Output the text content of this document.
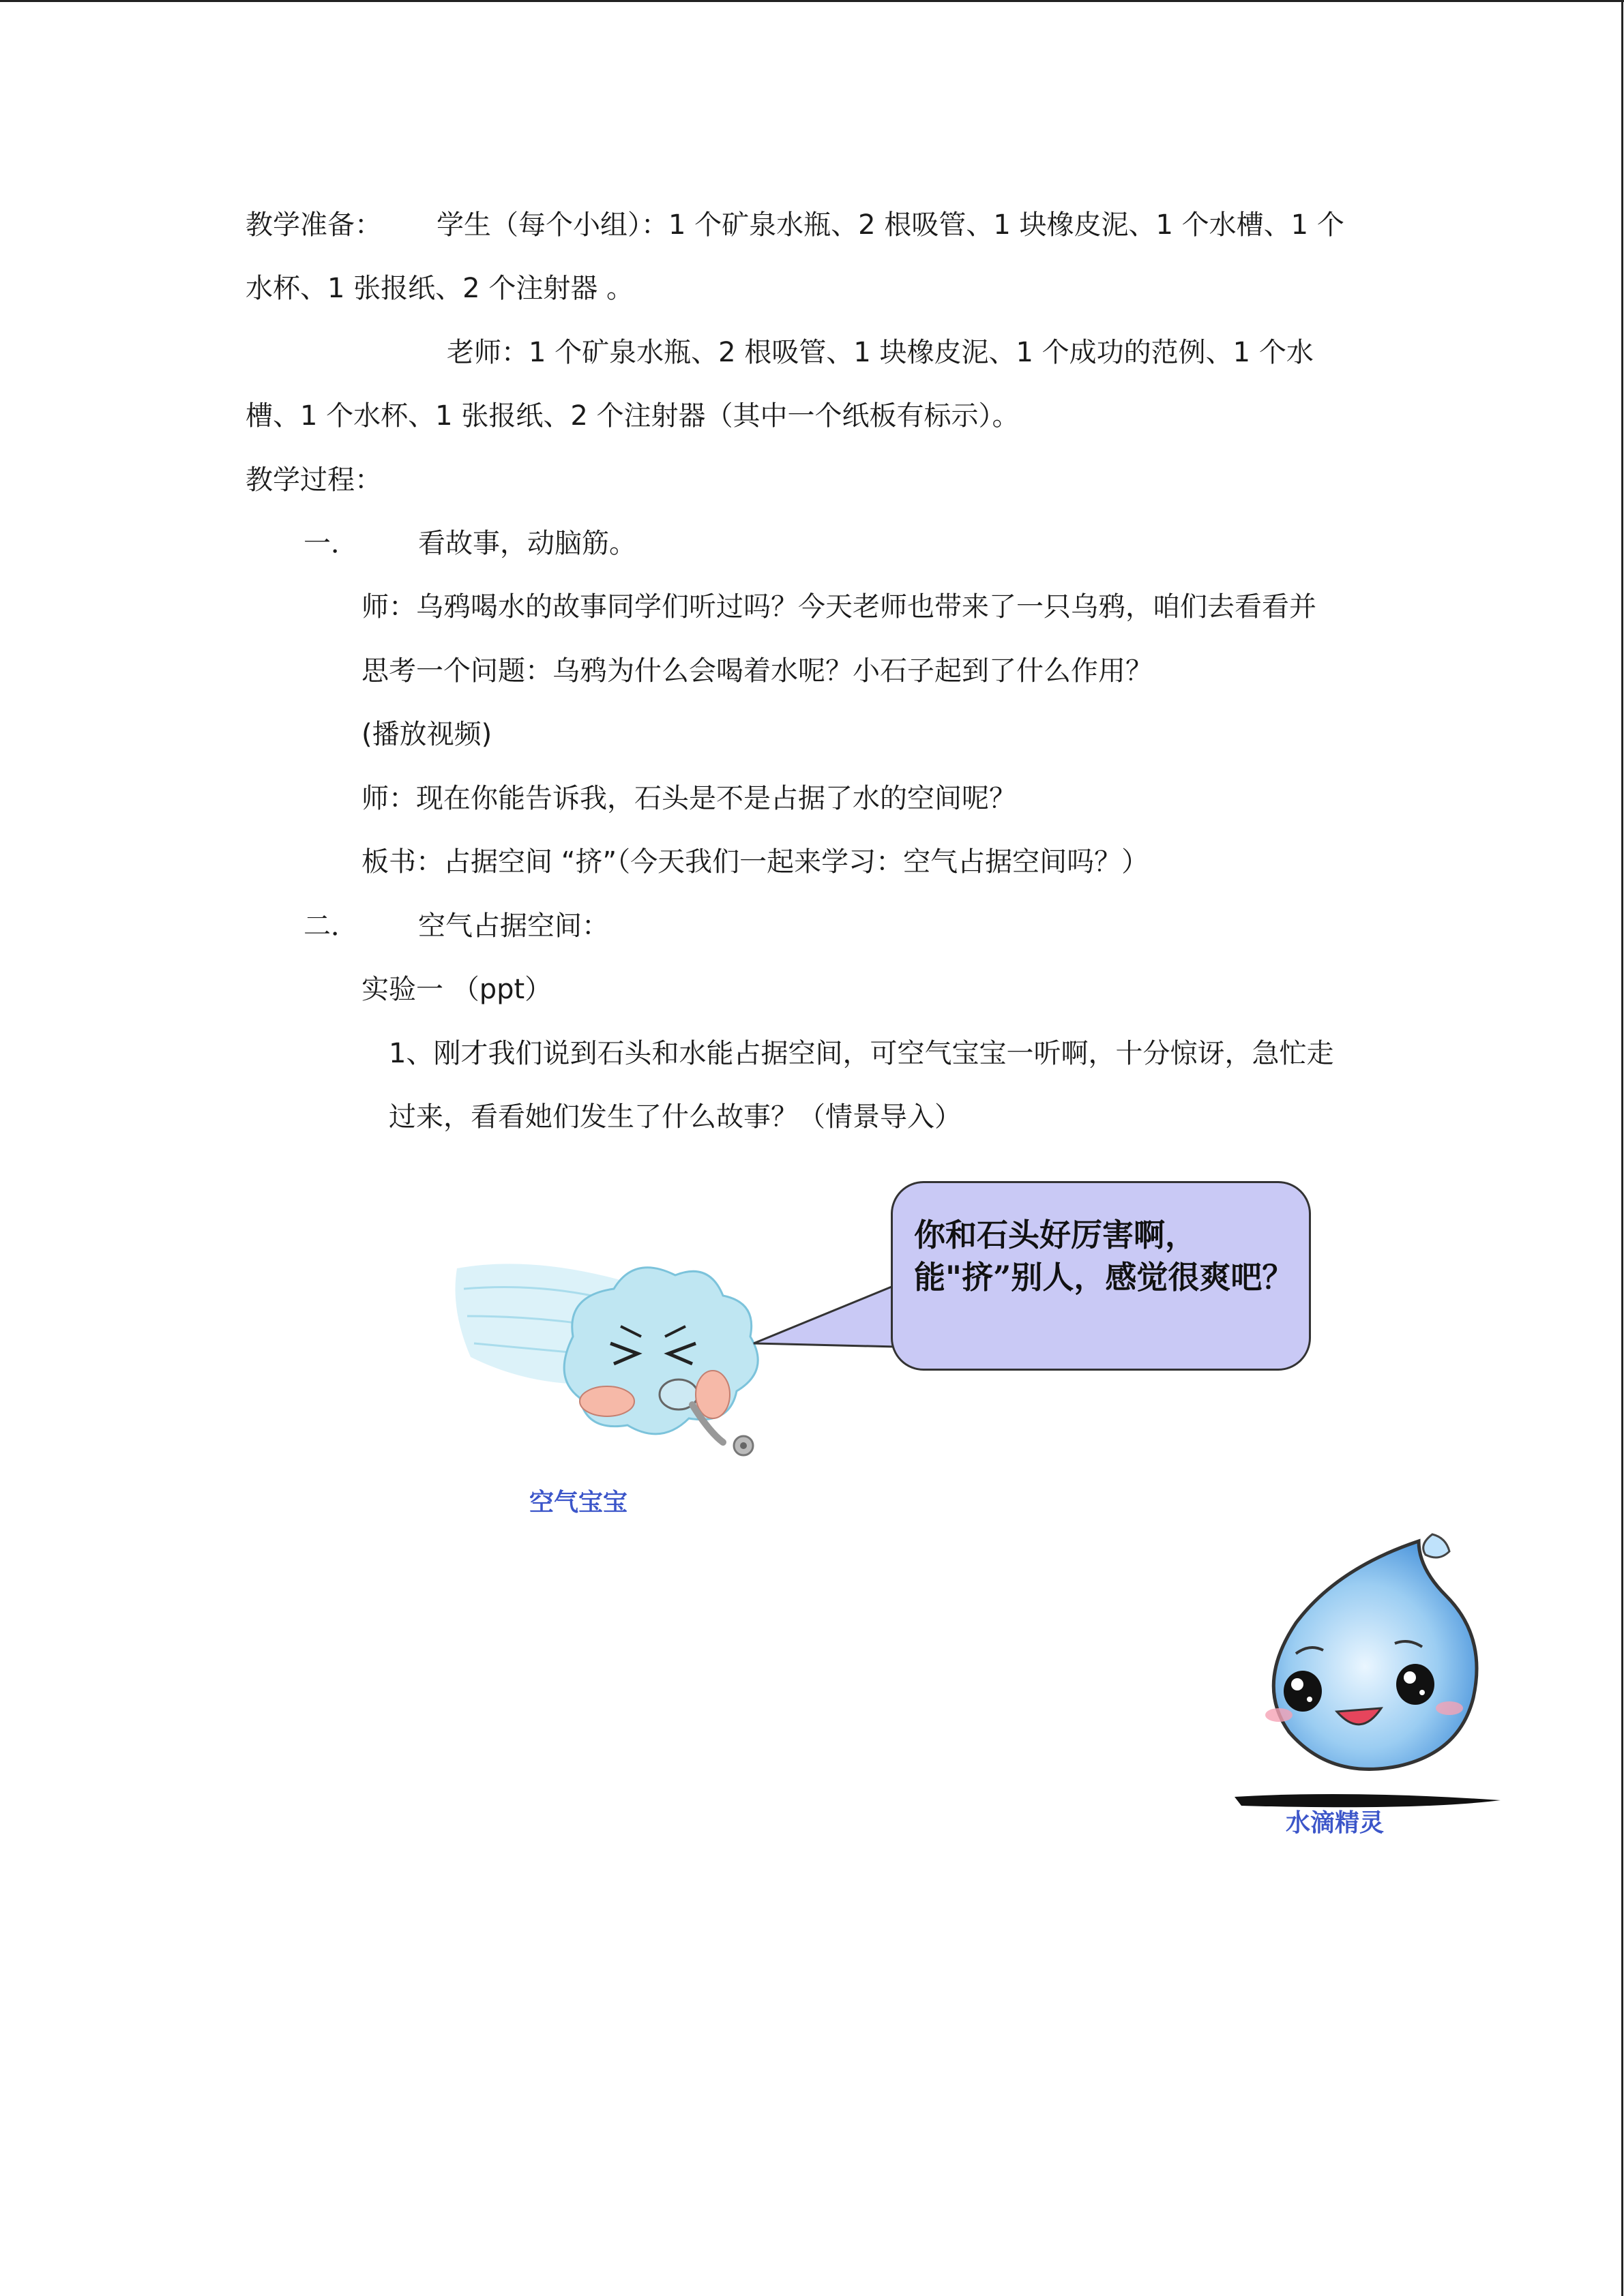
教学准备： 学生（每个小组）：1 个矿泉水瓶、2 根吸管、1 块橡皮泥、1 个水槽、1 个
水杯、1 张报纸、2 个注射器 。
老师：1 个矿泉水瓶、2 根吸管、1 块橡皮泥、1 个成功的范例、1 个水
槽、1 个水杯、1 张报纸、2 个注射器（其中一个纸板有标示）。
教学过程：
一． 看故事，动脑筋。
师：乌鸦喝水的故事同学们听过吗？今天老师也带来了一只乌鸦，咱们去看看并
思考一个问题：乌鸦为什么会喝着水呢？小石子起到了什么作用？
(播放视频)
师：现在你能告诉我，石头是不是占据了水的空间呢？
板书：占据空间 “挤”（今天我们一起来学习：空气占据空间吗？）
二． 空气占据空间：
实验一 （ppt）
1、刚才我们说到石头和水能占据空间，可空气宝宝一听啊，十分惊讶，急忙走
过来，看看她们发生了什么故事？（情景导入）
你和石头好厉害啊，能"挤”别人，感觉很爽吧？
空气宝宝
水滴精灵
